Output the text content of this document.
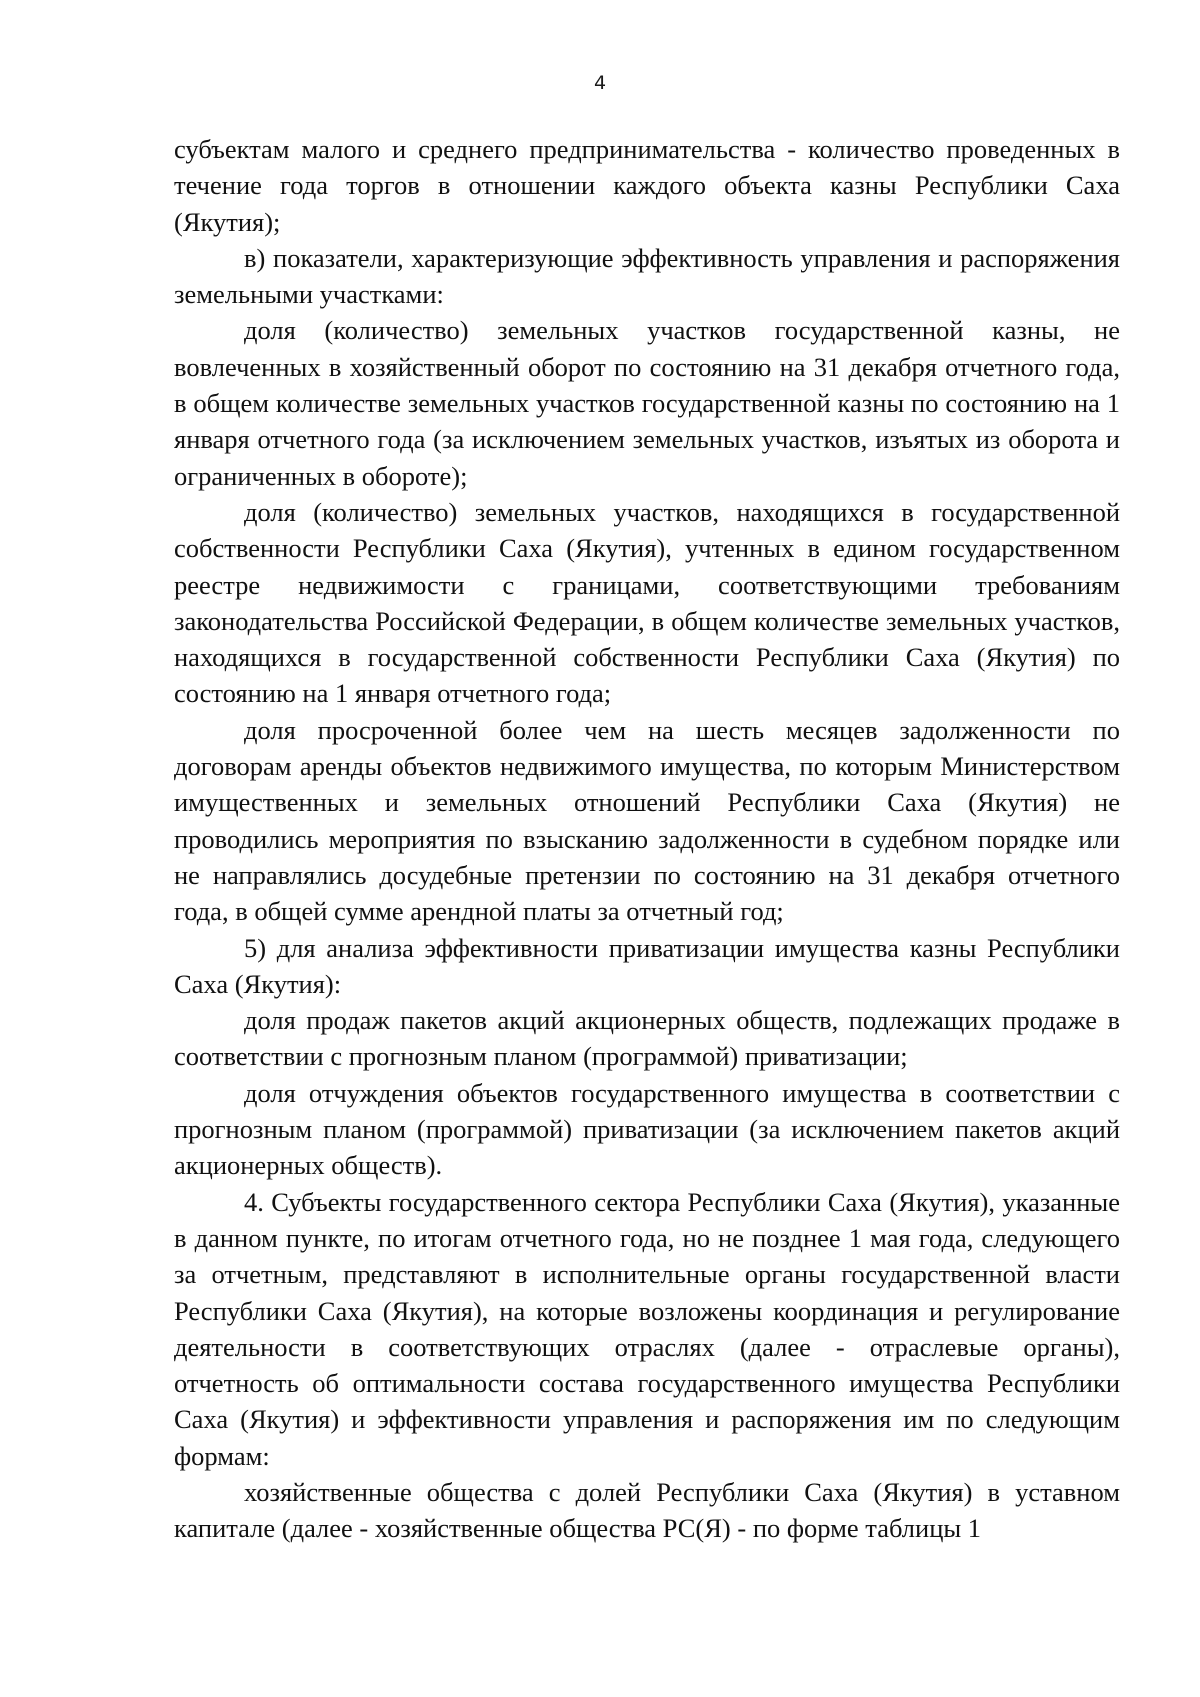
4

субъектам малого и среднего предпринимательства - количество проведенных в течение года торгов в отношении каждого объекта казны Республики Саха (Якутия);

в) показатели, характеризующие эффективность управления и распоряжения земельными участками:

доля (количество) земельных участков государственной казны, не вовлеченных в хозяйственный оборот по состоянию на 31 декабря отчетного года, в общем количестве земельных участков государственной казны по состоянию на 1 января отчетного года (за исключением земельных участков, изъятых из оборота и ограниченных в обороте);

доля (количество) земельных участков, находящихся в государственной собственности Республики Саха (Якутия), учтенных в едином государственном реестре недвижимости с границами, соответствующими требованиям законодательства Российской Федерации, в общем количестве земельных участков, находящихся в государственной собственности Республики Саха (Якутия) по состоянию на 1 января отчетного года;

доля просроченной более чем на шесть месяцев задолженности по договорам аренды объектов недвижимого имущества, по которым Министерством имущественных и земельных отношений Республики Саха (Якутия) не проводились мероприятия по взысканию задолженности в судебном порядке или не направлялись досудебные претензии по состоянию на 31 декабря отчетного года, в общей сумме арендной платы за отчетный год;

5) для анализа эффективности приватизации имущества казны Республики Саха (Якутия):

доля продаж пакетов акций акционерных обществ, подлежащих продаже в соответствии с прогнозным планом (программой) приватизации;

доля отчуждения объектов государственного имущества в соответствии с прогнозным планом (программой) приватизации (за исключением пакетов акций акционерных обществ).

4. Субъекты государственного сектора Республики Саха (Якутия), указанные в данном пункте, по итогам отчетного года, но не позднее 1 мая года, следующего за отчетным, представляют в исполнительные органы государственной власти Республики Саха (Якутия), на которые возложены координация и регулирование деятельности в соответствующих отраслях (далее - отраслевые органы), отчетность об оптимальности состава государственного имущества Республики Саха (Якутия) и эффективности управления и распоряжения им по следующим формам:

хозяйственные общества с долей Республики Саха (Якутия) в уставном капитале (далее - хозяйственные общества РС(Я) - по форме таблицы 1
